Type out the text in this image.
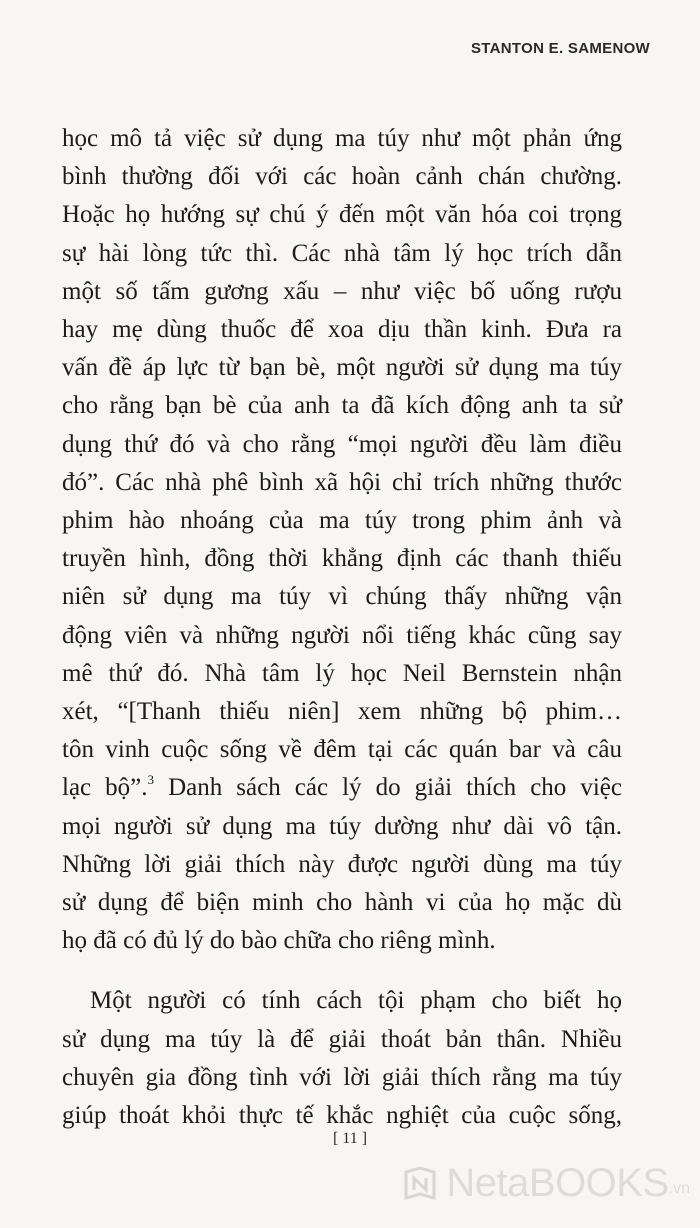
STANTON E. SAMENOW
học mô tả việc sử dụng ma túy như một phản ứng
bình thường đối với các hoàn cảnh chán chường.
Hoặc họ hướng sự chú ý đến một văn hóa coi trọng
sự hài lòng tức thì. Các nhà tâm lý học trích dẫn
một số tấm gương xấu – như việc bố uống rượu
hay mẹ dùng thuốc để xoa dịu thần kinh. Đưa ra
vấn đề áp lực từ bạn bè, một người sử dụng ma túy
cho rằng bạn bè của anh ta đã kích động anh ta sử
dụng thứ đó và cho rằng “mọi người đều làm điều
đó”. Các nhà phê bình xã hội chỉ trích những thước
phim hào nhoáng của ma túy trong phim ảnh và
truyền hình, đồng thời khẳng định các thanh thiếu
niên sử dụng ma túy vì chúng thấy những vận
động viên và những người nổi tiếng khác cũng say
mê thứ đó. Nhà tâm lý học Neil Bernstein nhận
xét, “[Thanh thiếu niên] xem những bộ phim…
tôn vinh cuộc sống về đêm tại các quán bar và câu
lạc bộ”.$^3$ Danh sách các lý do giải thích cho việc
mọi người sử dụng ma túy dường như dài vô tận.
Những lời giải thích này được người dùng ma túy
sử dụng để biện minh cho hành vi của họ mặc dù
họ đã có đủ lý do bào chữa cho riêng mình.
Một người có tính cách tội phạm cho biết họ
sử dụng ma túy là để giải thoát bản thân. Nhiều
chuyên gia đồng tình với lời giải thích rằng ma túy
giúp thoát khỏi thực tế khắc nghiệt của cuộc sống,
[ 11 ]
NetaBOOKS .vn
